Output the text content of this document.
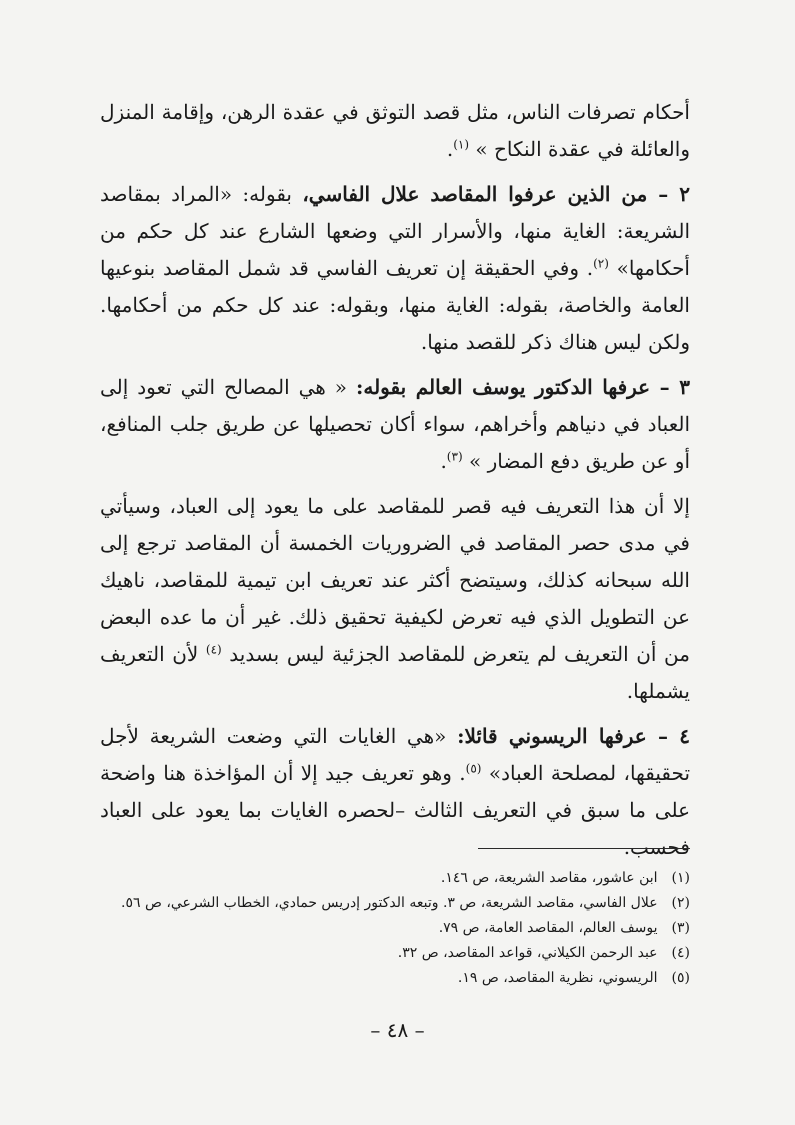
أحكام تصرفات الناس، مثل قصد التوثق في عقدة الرهن، وإقامة المنزل والعائلة في عقدة النكاح » $^{(١)}$.

٢ – من الذين عرفوا المقاصد علال الفاسي، بقوله: «المراد بمقاصد الشريعة: الغاية منها، والأسرار التي وضعها الشارع عند كل حكم من أحكامها» $^{(٢)}$. وفي الحقيقة إن تعريف الفاسي قد شمل المقاصد بنوعيها العامة والخاصة، بقوله: الغاية منها، وبقوله: عند كل حكم من أحكامها. ولكن ليس هناك ذكر للقصد منها.

٣ – عرفها الدكتور يوسف العالم بقوله: « هي المصالح التي تعود إلى العباد في دنياهم وأخراهم، سواء أكان تحصيلها عن طريق جلب المنافع، أو عن طريق دفع المضار » $^{(٣)}$.

إلا أن هذا التعريف فيه قصر للمقاصد على ما يعود إلى العباد، وسيأتي في مدى حصر المقاصد في الضروريات الخمسة أن المقاصد ترجع إلى الله سبحانه كذلك، وسيتضح أكثر عند تعريف ابن تيمية للمقاصد، ناهيك عن التطويل الذي فيه تعرض لكيفية تحقيق ذلك. غير أن ما عده البعض من أن التعريف لم يتعرض للمقاصد الجزئية ليس بسديد $^{(٤)}$ لأن التعريف يشملها.

٤ – عرفها الريسوني قائلا: «هي الغايات التي وضعت الشريعة لأجل تحقيقها، لمصلحة العباد» $^{(٥)}$. وهو تعريف جيد إلا أن المؤاخذة هنا واضحة على ما سبق في التعريف الثالث –لحصره الغايات بما يعود على العباد فحسب.

(١) ابن عاشور، مقاصد الشريعة، ص ١٤٦.
(٢) علال الفاسي، مقاصد الشريعة، ص ٣. وتبعه الدكتور إدريس حمادي، الخطاب الشرعي، ص ٥٦.
(٣) يوسف العالم، المقاصد العامة، ص ٧٩.
(٤) عبد الرحمن الكيلاني، قواعد المقاصد، ص ٣٢.
(٥) الريسوني، نظرية المقاصد، ص ١٩.
– ٤٨ –
